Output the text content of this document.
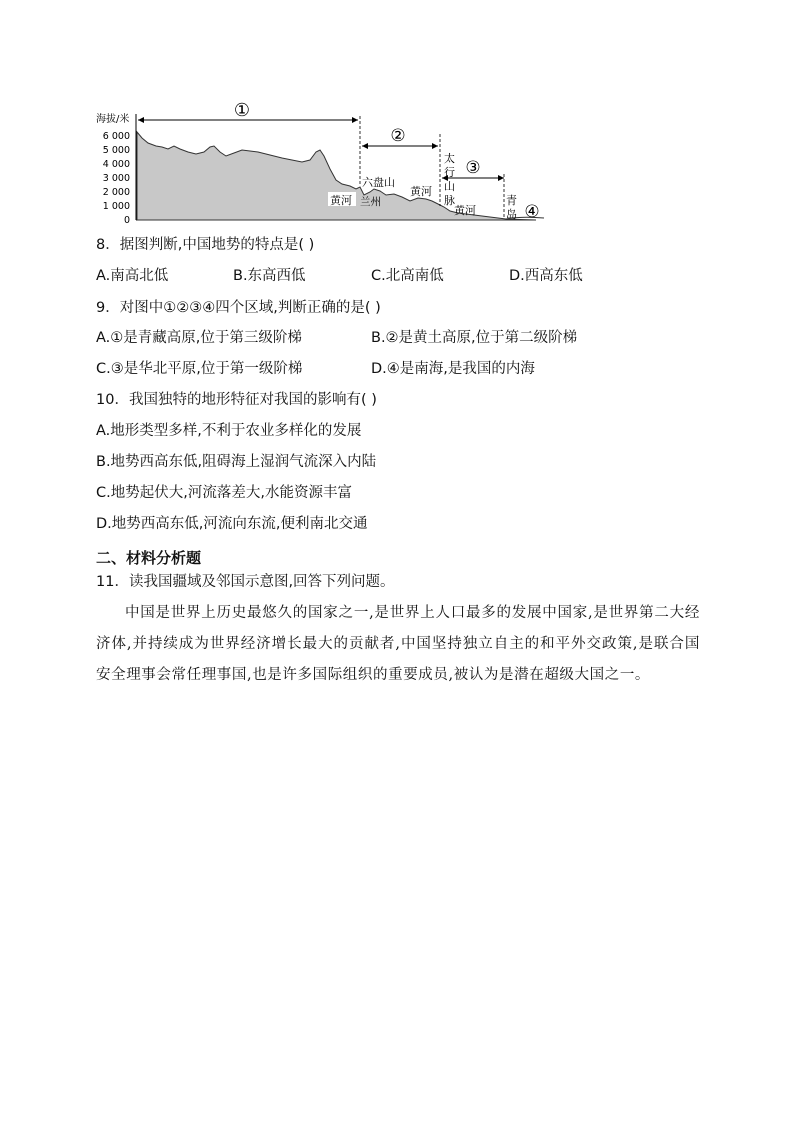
海拔/米
6 000
5 000
4 000
3 000
2 000
1 000
0
①
②
③
④
黄河 兰州
六盘山
黄河
太
行
山
脉
黄河
青
岛
8．据图判断,中国地势的特点是( )
A.南高北低	B.东高西低	C.北高南低	D.西高东低
9．对图中①②③④四个区域,判断正确的是( )
A.①是青藏高原,位于第三级阶梯	B.②是黄土高原,位于第二级阶梯
C.③是华北平原,位于第一级阶梯	D.④是南海,是我国的内海
10．我国独特的地形特征对我国的影响有( )
A.地形类型多样,不利于农业多样化的发展
B.地势西高东低,阻碍海上湿润气流深入内陆
C.地势起伏大,河流落差大,水能资源丰富
D.地势西高东低,河流向东流,便利南北交通
二、材料分析题
11．读我国疆域及邻国示意图,回答下列问题。
中国是世界上历史最悠久的国家之一,是世界上人口最多的发展中国家,是世界第二大经济体,并持续成为世界经济增长最大的贡献者,中国坚持独立自主的和平外交政策,是联合国安全理事会常任理事国,也是许多国际组织的重要成员,被认为是潜在超级大国之一。
